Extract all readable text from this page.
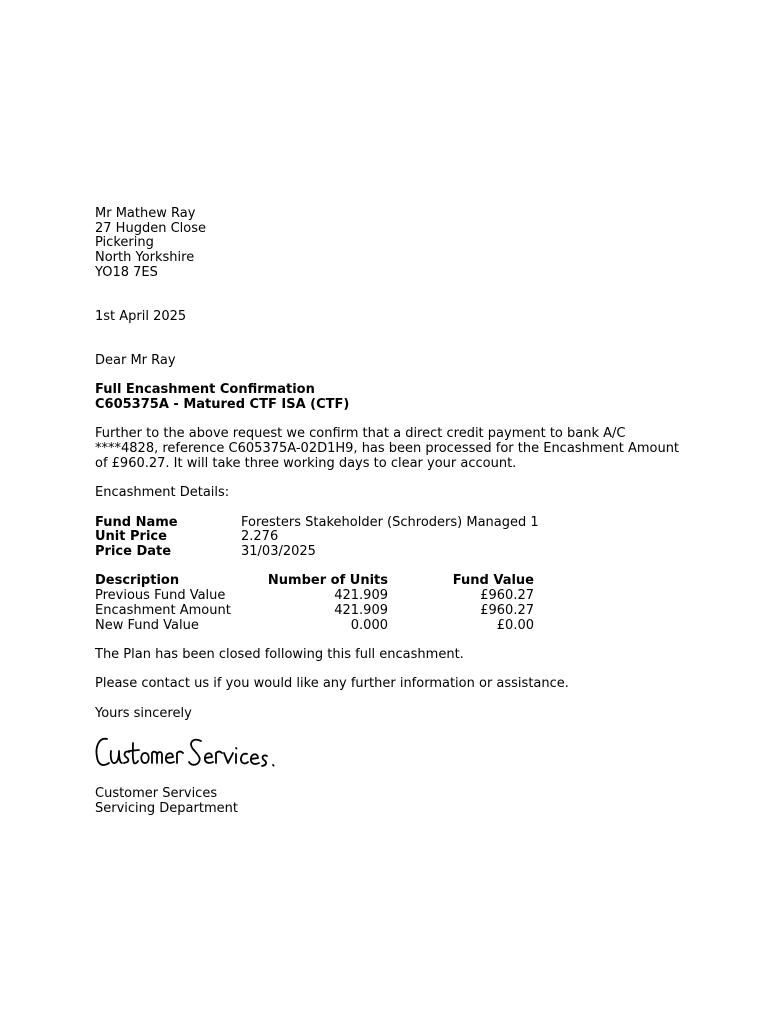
Mr Mathew Ray
27 Hugden Close
Pickering
North Yorkshire
YO18 7ES
1st April 2025
Dear Mr Ray
Full Encashment Confirmation
C605375A - Matured CTF ISA (CTF)
Further to the above request we confirm that a direct credit payment to bank A/C
****4828, reference C605375A-02D1H9, has been processed for the Encashment Amount
of £960.27. It will take three working days to clear your account.
Encashment Details:
Fund Name	Foresters Stakeholder (Schroders) Managed 1
Unit Price	2.276
Price Date	31/03/2025
Description	Number of Units	Fund Value
Previous Fund Value	421.909	£960.27
Encashment Amount	421.909	£960.27
New Fund Value	0.000	£0.00
The Plan has been closed following this full encashment.
Please contact us if you would like any further information or assistance.
Yours sincerely
Customer Services
Servicing Department
